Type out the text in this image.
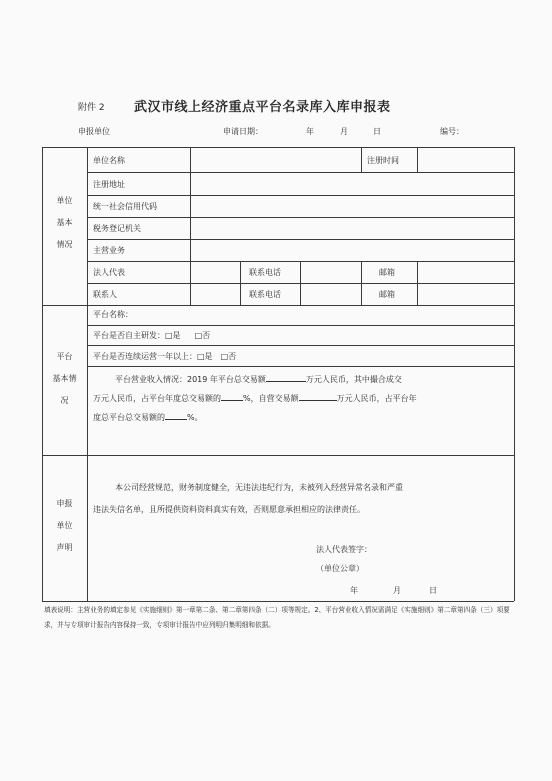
附件 2 武汉市线上经济重点平台名录库入库申报表
申报单位	申请日期：	年	月	日	编号：
单位
基本
情况
单位名称	注册时间
注册地址
统一社会信用代码
税务登记机关
主营业务
法人代表	联系电话	邮箱
联系人	联系电话	邮箱
平台
基本情
况
平台名称：
平台是否自主研发：□是 □否
平台是否连续运营一年以上：□是 □否
平台营业收入情况：2019 年平台总交易额	万元人民币，其中撮合成交
万元人民币，占平台年度总交易额的	%，自营交易额	万元人民币，占平台年
度总平台总交易额的	%。
申报
单位
声明
本公司经营规范，财务制度健全，无违法违纪行为，未被列入经营异常名录和严重
违法失信名单，且所提供资料资料真实有效，否则愿意承担相应的法律责任。
法人代表签字：
（单位公章）
年	月	日
填表说明：主营业务的填定参见《实施细则》第一章第二条、第二章第四条（二）项等规定。2、平台营业收入情况需满足《实施细则》第二章第四条（三）项要求，并与专项审计报告内容保持一致，专项审计报告中应列明归集明细和依据。
